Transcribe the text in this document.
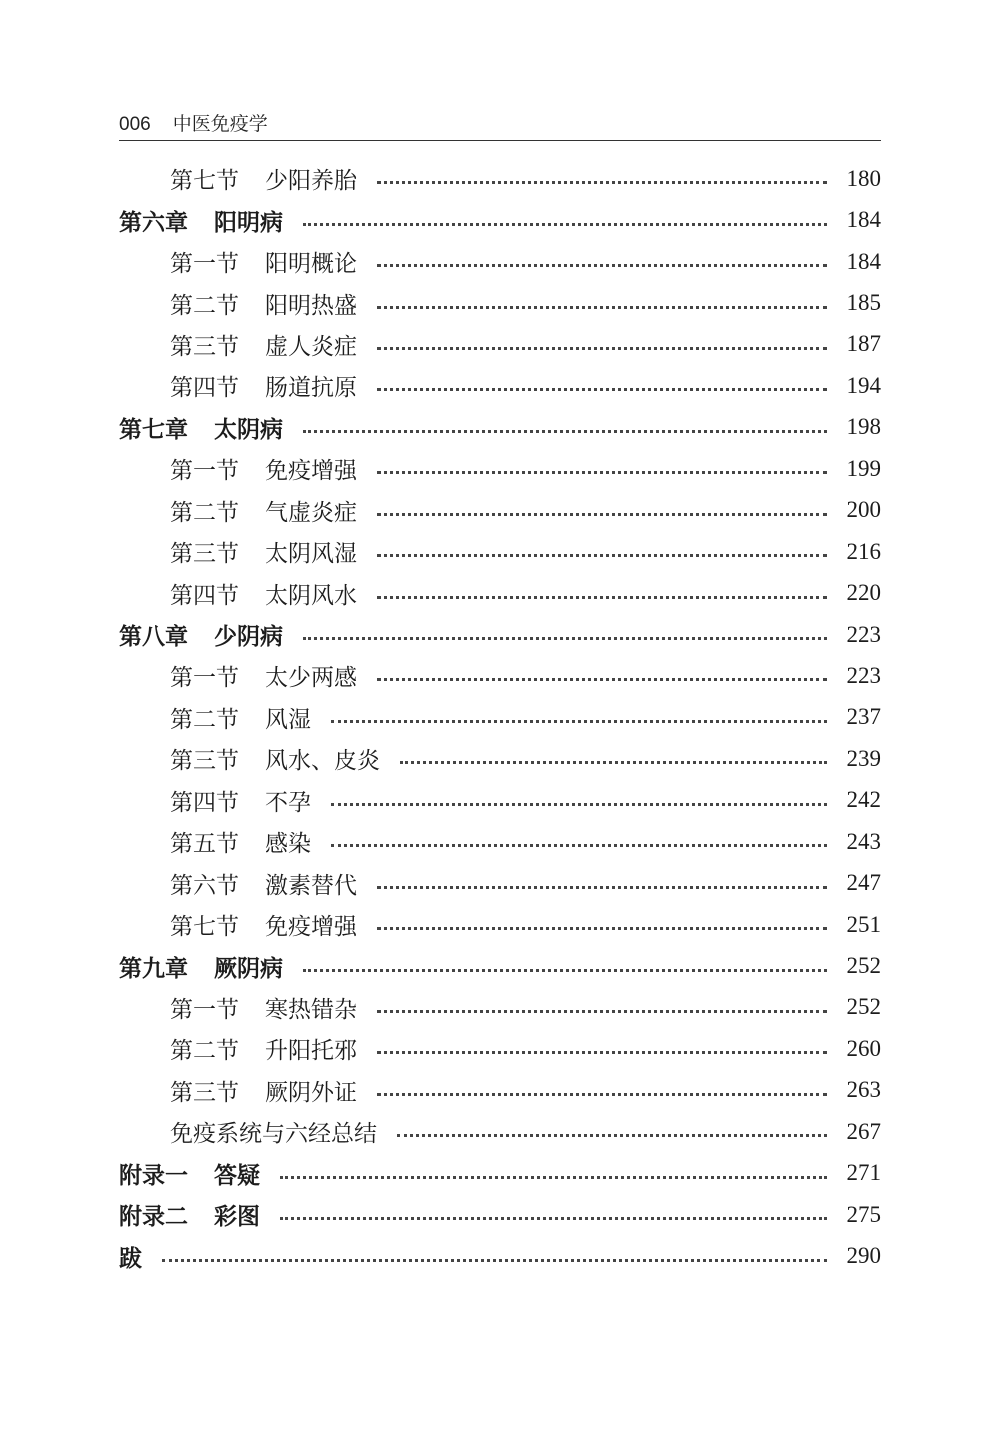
006 中医免疫学
第七节 少阳养胎	180
第六章 阳明病	184
第一节 阳明概论	184
第二节 阳明热盛	185
第三节 虚人炎症	187
第四节 肠道抗原	194
第七章 太阴病	198
第一节 免疫增强	199
第二节 气虚炎症	200
第三节 太阴风湿	216
第四节 太阴风水	220
第八章 少阴病	223
第一节 太少两感	223
第二节 风湿	237
第三节 风水、皮炎	239
第四节 不孕	242
第五节 感染	243
第六节 激素替代	247
第七节 免疫增强	251
第九章 厥阴病	252
第一节 寒热错杂	252
第二节 升阳托邪	260
第三节 厥阴外证	263
免疫系统与六经总结	267
附录一 答疑	271
附录二 彩图	275
跋	290
